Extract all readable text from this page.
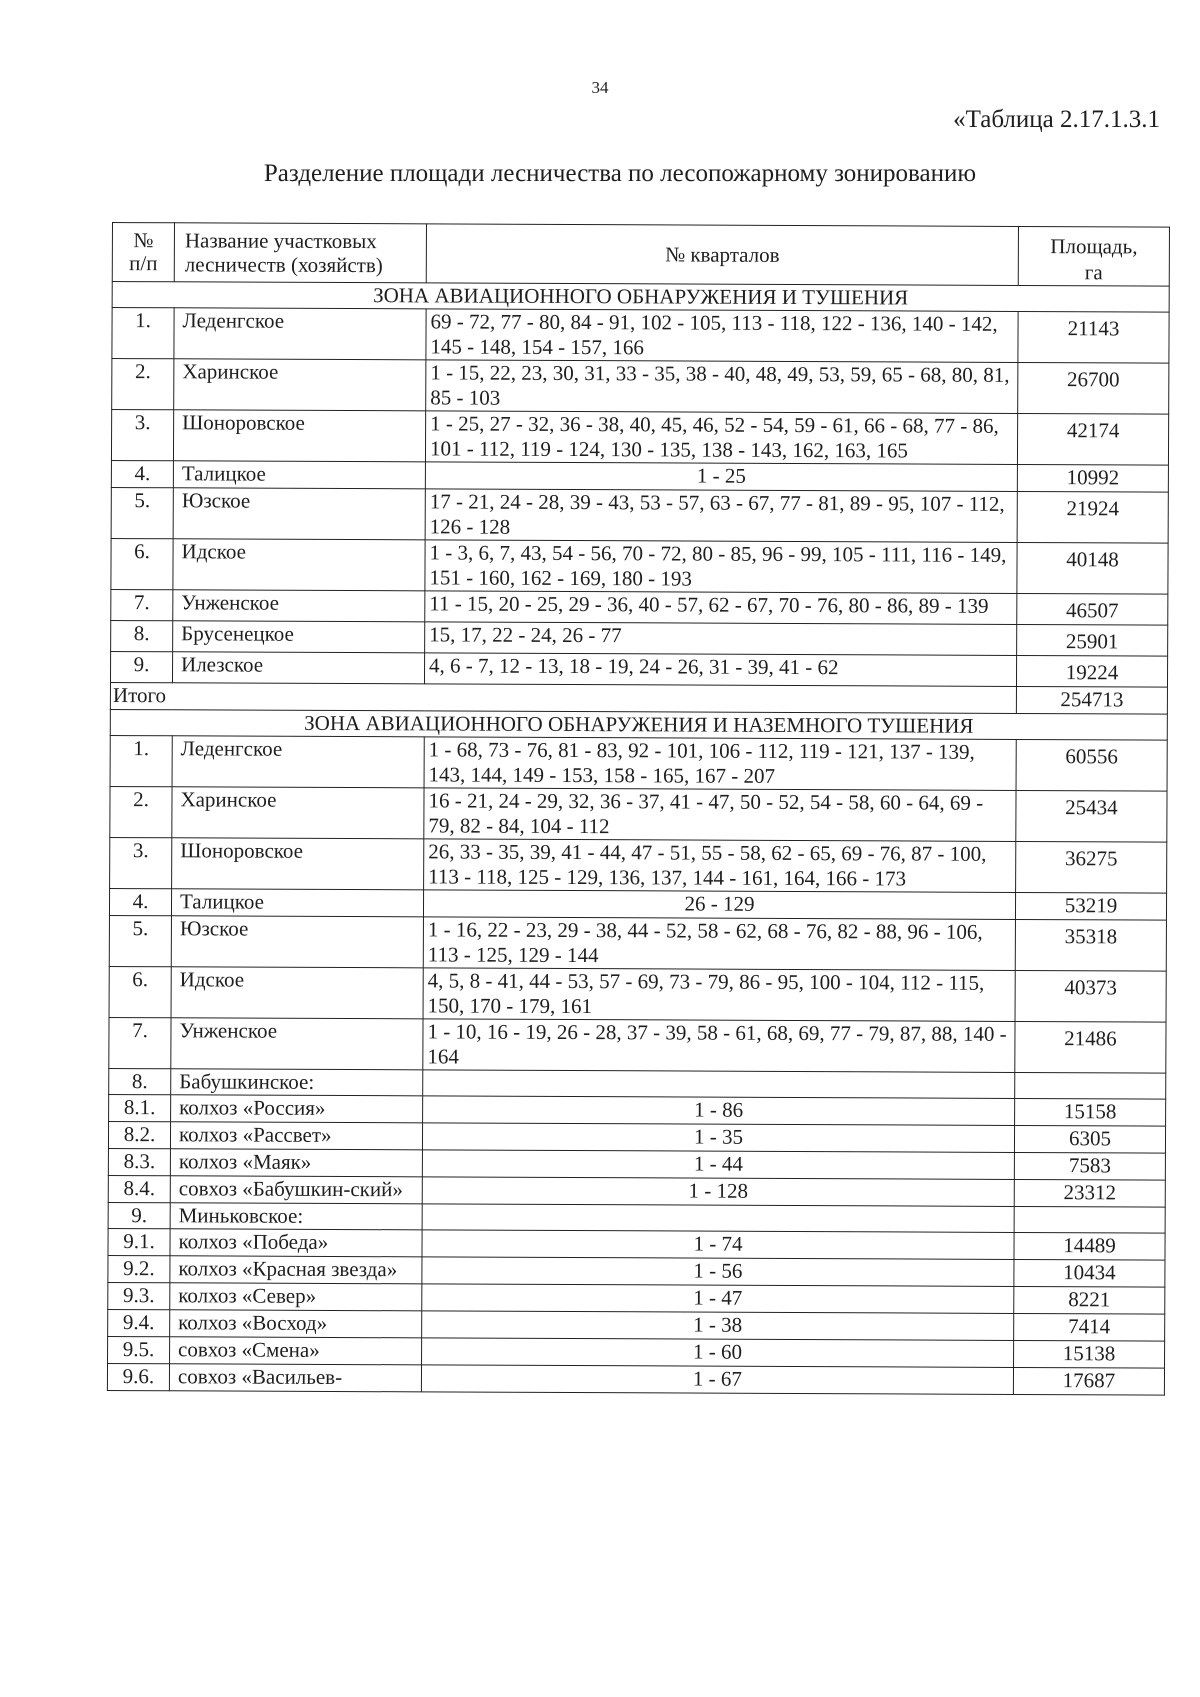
34
«Таблица 2.17.1.3.1
Разделение площади лесничества по лесопожарному зонированию
№
п/п	Название участковых
лесничеств (хозяйств)	№ кварталов	Площадь,
га
ЗОНА АВИАЦИОННОГО ОБНАРУЖЕНИЯ И ТУШЕНИЯ			
1.	Леденгское	69 - 72, 77 - 80, 84 - 91, 102 - 105, 113 - 118, 122 - 136, 140 - 142, 145 - 148, 154 - 157, 166	21143
2.	Харинское	1 - 15, 22, 23, 30, 31, 33 - 35, 38 - 40, 48, 49, 53, 59, 65 - 68, 80, 81, 85 - 103	26700
3.	Шоноровское	1 - 25, 27 - 32, 36 - 38, 40, 45, 46, 52 - 54, 59 - 61, 66 - 68, 77 - 86, 101 - 112, 119 - 124, 130 - 135, 138 - 143, 162, 163, 165	42174
4.	Талицкое	1 - 25	10992
5.	Юзское	17 - 21, 24 - 28, 39 - 43, 53 - 57, 63 - 67, 77 - 81, 89 - 95, 107 - 112, 126 - 128	21924
6.	Идское	1 - 3, 6, 7, 43, 54 - 56, 70 - 72, 80 - 85, 96 - 99, 105 - 111, 116 - 149, 151 - 160, 162 - 169, 180 - 193	40148
7.	Унженское	11 - 15, 20 - 25, 29 - 36, 40 - 57, 62 - 67, 70 - 76, 80 - 86, 89 - 139	46507
8.	Брусенецкое	15, 17, 22 - 24, 26 - 77	25901
9.	Илезское	4, 6 - 7, 12 - 13, 18 - 19, 24 - 26, 31 - 39, 41 - 62	19224
Итого			254713
ЗОНА АВИАЦИОННОГО ОБНАРУЖЕНИЯ И НАЗЕМНОГО ТУШЕНИЯ			
1.	Леденгское	1 - 68, 73 - 76, 81 - 83, 92 - 101, 106 - 112, 119 - 121, 137 - 139, 143, 144, 149 - 153, 158 - 165, 167 - 207	60556
2.	Харинское	16 - 21, 24 - 29, 32, 36 - 37, 41 - 47, 50 - 52, 54 - 58, 60 - 64, 69 - 79, 82 - 84, 104 - 112	25434
3.	Шоноровское	26, 33 - 35, 39, 41 - 44, 47 - 51, 55 - 58, 62 - 65, 69 - 76, 87 - 100, 113 - 118, 125 - 129, 136, 137, 144 - 161, 164, 166 - 173	36275
4.	Талицкое	26 - 129	53219
5.	Юзское	1 - 16, 22 - 23, 29 - 38, 44 - 52, 58 - 62, 68 - 76, 82 - 88, 96 - 106, 113 - 125, 129 - 144	35318
6.	Идское	4, 5, 8 - 41, 44 - 53, 57 - 69, 73 - 79, 86 - 95, 100 - 104, 112 - 115, 150, 170 - 179, 161	40373
7.	Унженское	1 - 10, 16 - 19, 26 - 28, 37 - 39, 58 - 61, 68, 69, 77 - 79, 87, 88, 140 - 164	21486
8.	Бабушкинское:		
8.1.	колхоз «Россия»	1 - 86	15158
8.2.	колхоз «Рассвет»	1 - 35	6305
8.3.	колхоз «Маяк»	1 - 44	7583
8.4.	совхоз «Бабушкин-ский»	1 - 128	23312
9.	Миньковское:		
9.1.	колхоз «Победа»	1 - 74	14489
9.2.	колхоз «Красная звезда»	1 - 56	10434
9.3.	колхоз «Север»	1 - 47	8221
9.4.	колхоз «Восход»	1 - 38	7414
9.5.	совхоз «Смена»	1 - 60	15138
9.6.	совхоз «Васильев-	1 - 67	17687
